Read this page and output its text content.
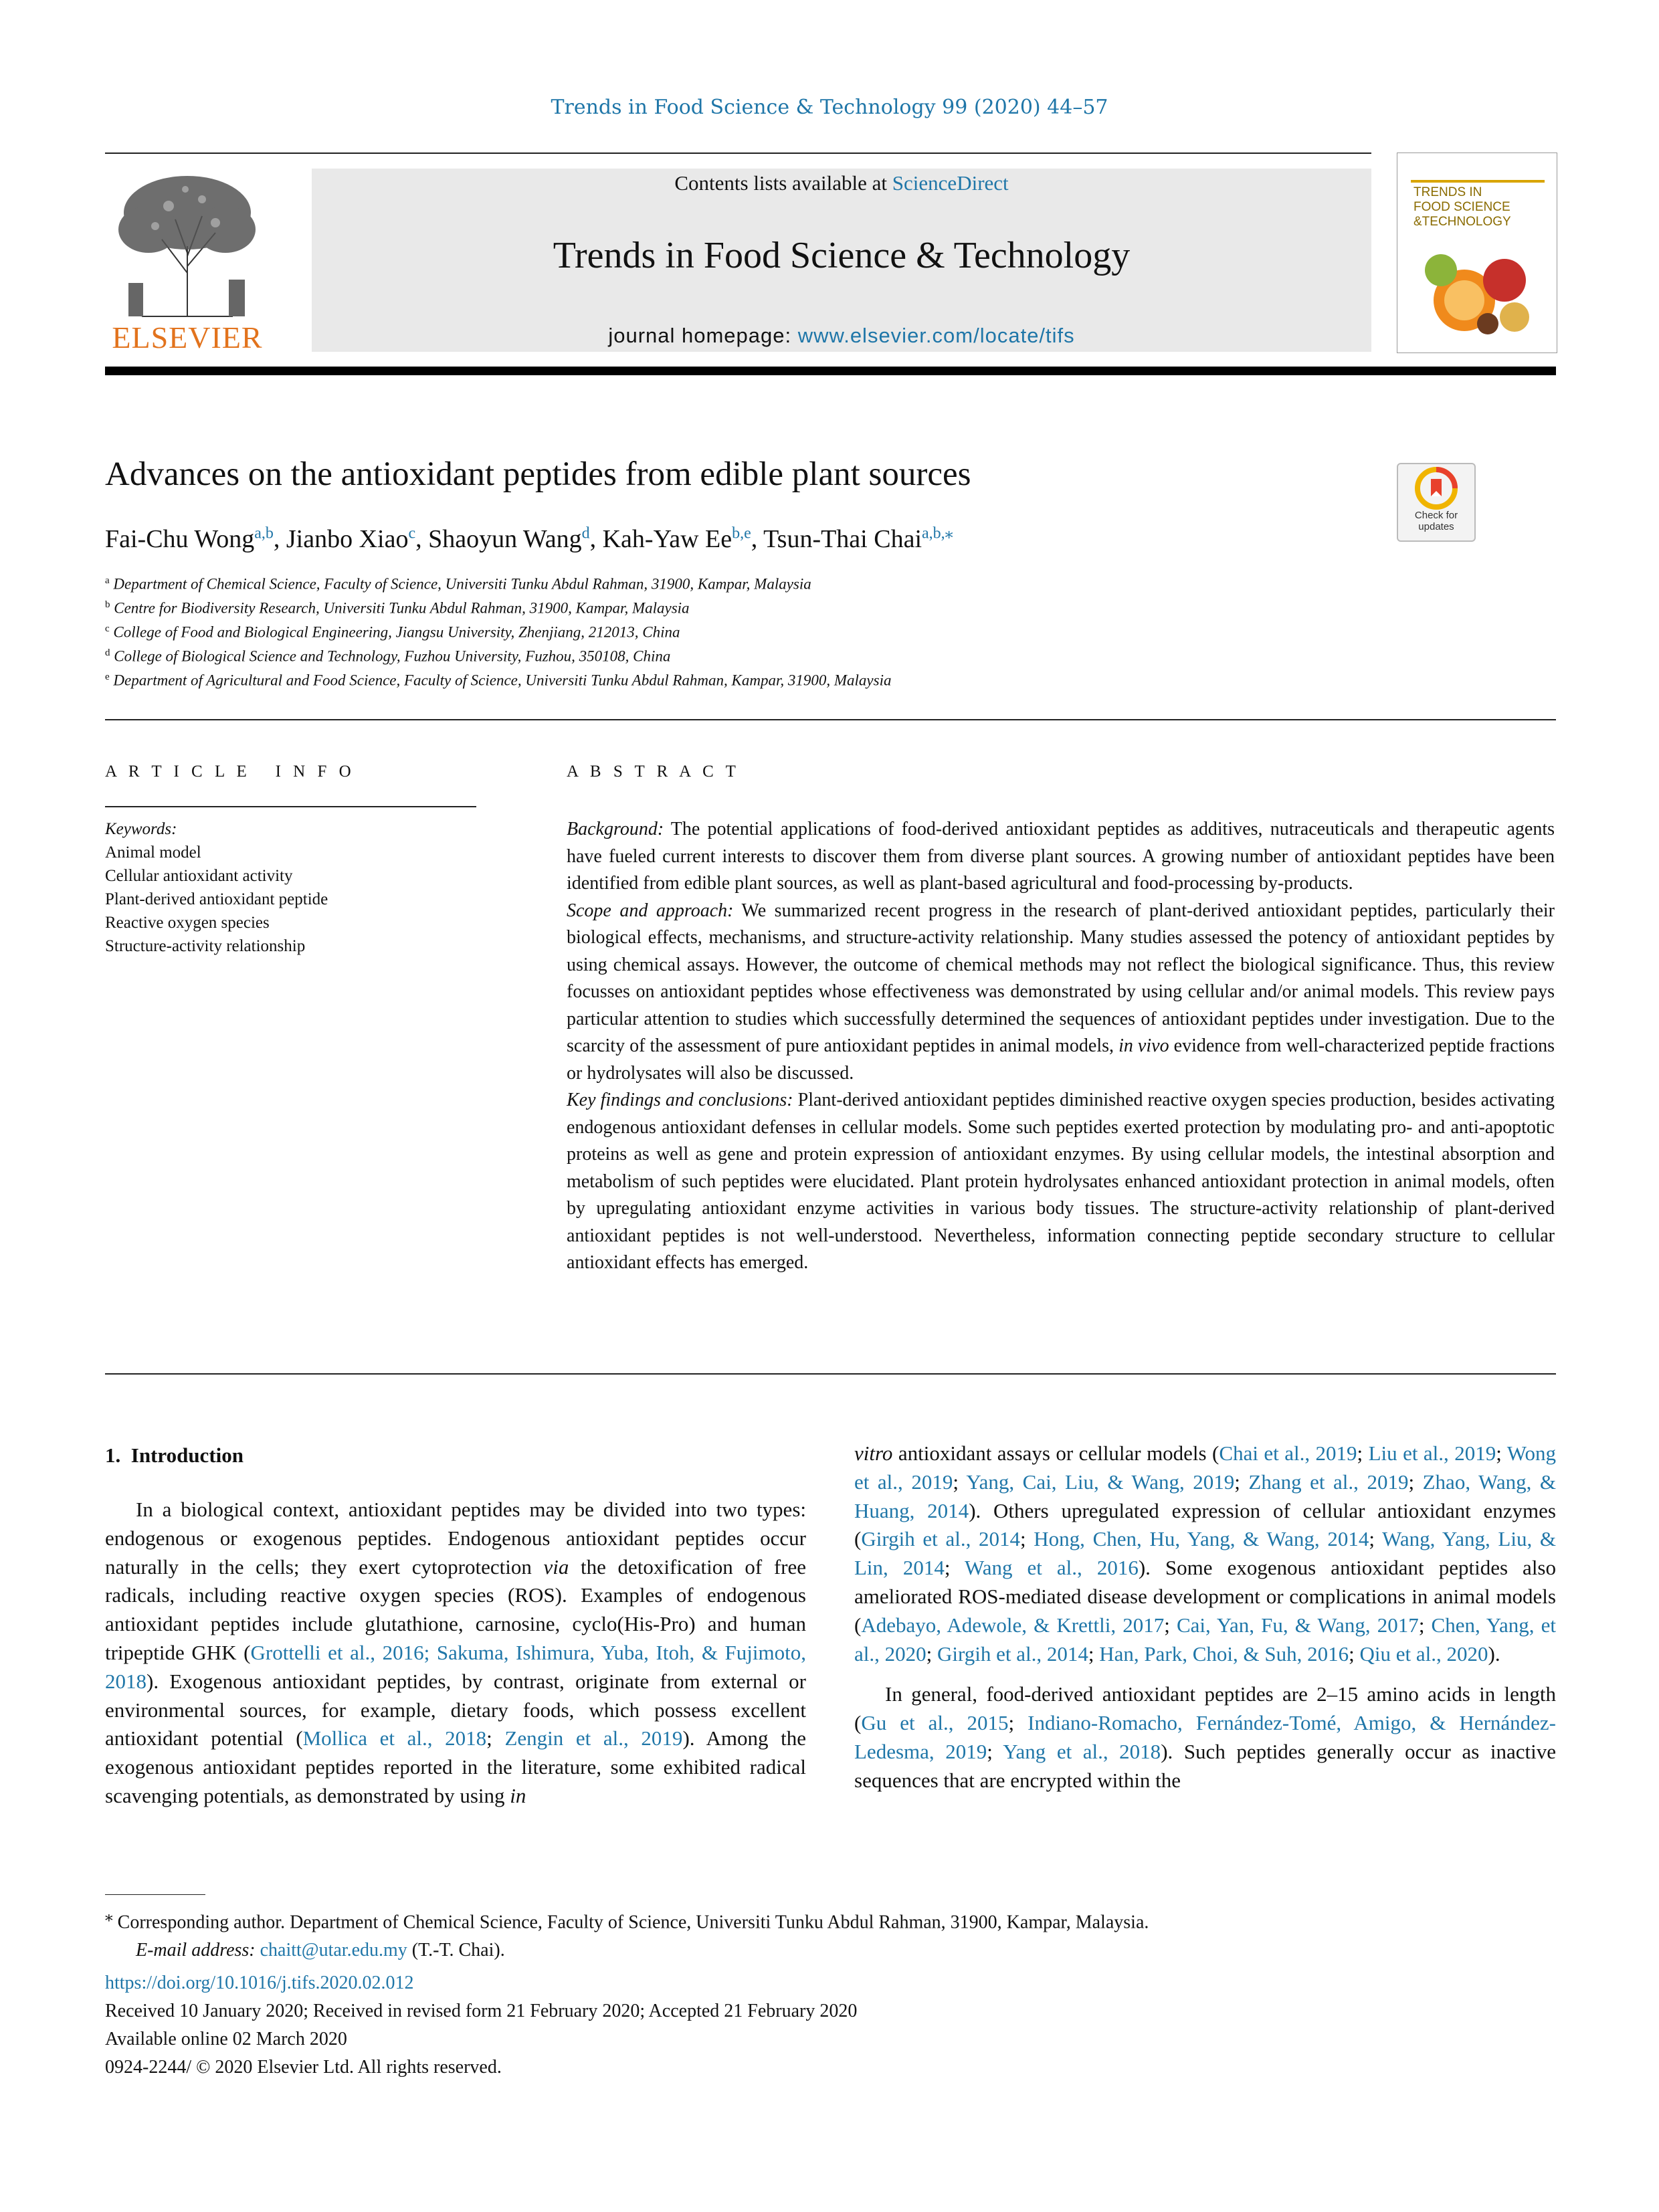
Trends in Food Science & Technology 99 (2020) 44–57
ELSEVIER
Contents lists available at ScienceDirect
Trends in Food Science & Technology
journal homepage: www.elsevier.com/locate/tifs
TRENDS IN
FOOD SCIENCE
&TECHNOLOGY
Advances on the antioxidant peptides from edible plant sources
Check for updates
Fai-Chu Wong$^{a,b}$, Jianbo Xiao$^c$, Shaoyun Wang$^d$, Kah-Yaw Ee$^{b,e}$, Tsun-Thai Chai$^{a,b,⁎}$
$^a$ Department of Chemical Science, Faculty of Science, Universiti Tunku Abdul Rahman, 31900, Kampar, Malaysia
$^b$ Centre for Biodiversity Research, Universiti Tunku Abdul Rahman, 31900, Kampar, Malaysia
$^c$ College of Food and Biological Engineering, Jiangsu University, Zhenjiang, 212013, China
$^d$ College of Biological Science and Technology, Fuzhou University, Fuzhou, 350108, China
$^e$ Department of Agricultural and Food Science, Faculty of Science, Universiti Tunku Abdul Rahman, Kampar, 31900, Malaysia
A R T I C L E   I N F O
Keywords:
Animal model
Cellular antioxidant activity
Plant-derived antioxidant peptide
Reactive oxygen species
Structure-activity relationship
A B S T R A C T

Background: The potential applications of food-derived antioxidant peptides as additives, nutraceuticals and therapeutic agents have fueled current interests to discover them from diverse plant sources. A growing number of antioxidant peptides have been identified from edible plant sources, as well as plant-based agricultural and food-processing by-products.

Scope and approach: We summarized recent progress in the research of plant-derived antioxidant peptides, particularly their biological effects, mechanisms, and structure-activity relationship. Many studies assessed the potency of antioxidant peptides by using chemical assays. However, the outcome of chemical methods may not reflect the biological significance. Thus, this review focusses on antioxidant peptides whose effectiveness was demonstrated by using cellular and/or animal models. This review pays particular attention to studies which successfully determined the sequences of antioxidant peptides under investigation. Due to the scarcity of the assessment of pure antioxidant peptides in animal models, in vivo evidence from well-characterized peptide fractions or hydrolysates will also be discussed.

Key findings and conclusions: Plant-derived antioxidant peptides diminished reactive oxygen species production, besides activating endogenous antioxidant defenses in cellular models. Some such peptides exerted protection by modulating pro- and anti-apoptotic proteins as well as gene and protein expression of antioxidant enzymes. By using cellular models, the intestinal absorption and metabolism of such peptides were elucidated. Plant protein hydrolysates enhanced antioxidant protection in animal models, often by upregulating antioxidant enzyme activities in various body tissues. The structure-activity relationship of plant-derived antioxidant peptides is not well-understood. Nevertheless, information connecting peptide secondary structure to cellular antioxidant effects has emerged.

1.  Introduction

In a biological context, antioxidant peptides may be divided into two types: endogenous or exogenous peptides. Endogenous antioxidant peptides occur naturally in the cells; they exert cytoprotection via the detoxification of free radicals, including reactive oxygen species (ROS). Examples of endogenous antioxidant peptides include glutathione, carnosine, cyclo(His-Pro) and human tripeptide GHK (Grottelli et al., 2016; Sakuma, Ishimura, Yuba, Itoh, & Fujimoto, 2018). Exogenous antioxidant peptides, by contrast, originate from external or environmental sources, for example, dietary foods, which possess excellent antioxidant potential (Mollica et al., 2018; Zengin et al., 2019). Among the exogenous antioxidant peptides reported in the literature, some exhibited radical scavenging potentials, as demonstrated by using in

vitro antioxidant assays or cellular models (Chai et al., 2019; Liu et al., 2019; Wong et al., 2019; Yang, Cai, Liu, & Wang, 2019; Zhang et al., 2019; Zhao, Wang, & Huang, 2014). Others upregulated expression of cellular antioxidant enzymes (Girgih et al., 2014; Hong, Chen, Hu, Yang, & Wang, 2014; Wang, Yang, Liu, & Lin, 2014; Wang et al., 2016). Some exogenous antioxidant peptides also ameliorated ROS-mediated disease development or complications in animal models (Adebayo, Adewole, & Krettli, 2017; Cai, Yan, Fu, & Wang, 2017; Chen, Yang, et al., 2020; Girgih et al., 2014; Han, Park, Choi, & Suh, 2016; Qiu et al., 2020).

In general, food-derived antioxidant peptides are 2–15 amino acids in length (Gu et al., 2015; Indiano-Romacho, Fernández-Tomé, Amigo, & Hernández-Ledesma, 2019; Yang et al., 2018). Such peptides generally occur as inactive sequences that are encrypted within the

⁎ Corresponding author. Department of Chemical Science, Faculty of Science, Universiti Tunku Abdul Rahman, 31900, Kampar, Malaysia.
E-mail address: chaitt@utar.edu.my (T.-T. Chai).
https://doi.org/10.1016/j.tifs.2020.02.012
Received 10 January 2020; Received in revised form 21 February 2020; Accepted 21 February 2020
Available online 02 March 2020
0924-2244/ © 2020 Elsevier Ltd. All rights reserved.
